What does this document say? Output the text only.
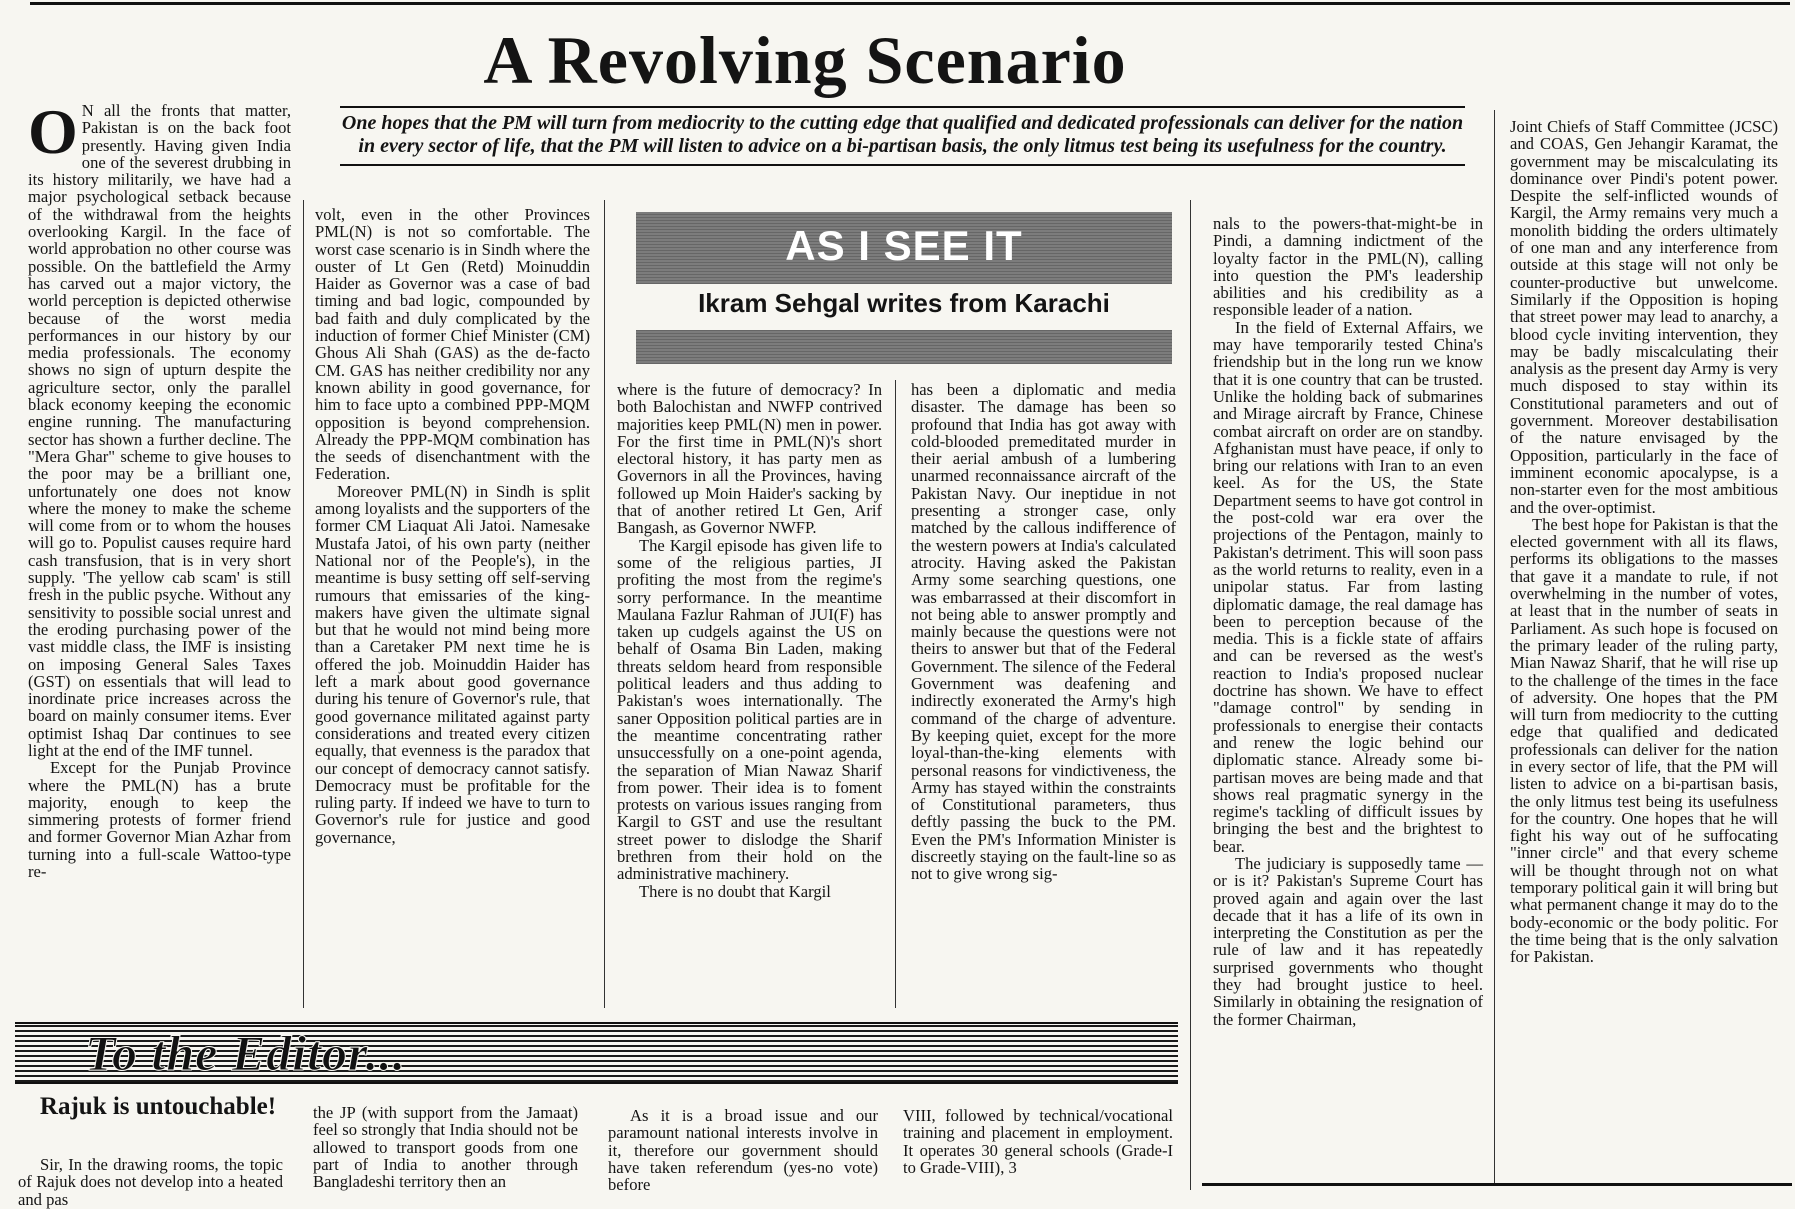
A Revolving Scenario
One hopes that the PM will turn from mediocrity to the cutting edge that qualified and dedicated professionals can deliver for the nation in every sector of life, that the PM will listen to advice on a bi-partisan basis, the only litmus test being its usefulness for the country.

O N all the fronts that matter, Pakistan is on the back foot presently. Having given India one of the severest drubbing in its history militarily, we have had a major psychological setback because of the withdrawal from the heights overlooking Kargil. In the face of world approbation no other course was possible. On the battlefield the Army has carved out a major victory, the world perception is depicted otherwise because of the worst media performances in our history by our media professionals. The economy shows no sign of upturn despite the agriculture sector, only the parallel black economy keeping the economic engine running. The manufacturing sector has shown a further decline. The "Mera Ghar" scheme to give houses to the poor may be a brilliant one, unfortunately one does not know where the money to make the scheme will come from or to whom the houses will go to. Populist causes require hard cash transfusion, that is in very short supply. 'The yellow cab scam' is still fresh in the public psyche. Without any sensitivity to possible social unrest and the eroding purchasing power of the vast middle class, the IMF is insisting on imposing General Sales Taxes (GST) on essentials that will lead to inordinate price increases across the board on mainly consumer items. Ever optimist Ishaq Dar continues to see light at the end of the IMF tunnel.

Except for the Punjab Province where the PML(N) has a brute majority, enough to keep the simmering protests of former friend and former Governor Mian Azhar from turning into a full-scale Wattoo-type re-

volt, even in the other Provinces PML(N) is not so comfortable. The worst case scenario is in Sindh where the ouster of Lt Gen (Retd) Moinuddin Haider as Governor was a case of bad timing and bad logic, compounded by bad faith and duly complicated by the induction of former Chief Minister (CM) Ghous Ali Shah (GAS) as the de-facto CM. GAS has neither credibility nor any known ability in good governance, for him to face upto a combined PPP-MQM opposition is beyond comprehension. Already the PPP-MQM combination has the seeds of disenchantment with the Federation.

Moreover PML(N) in Sindh is split among loyalists and the supporters of the former CM Liaquat Ali Jatoi. Namesake Mustafa Jatoi, of his own party (neither National nor of the People's), in the meantime is busy setting off self-serving rumours that emissaries of the king-makers have given the ultimate signal but that he would not mind being more than a Caretaker PM next time he is offered the job. Moinuddin Haider has left a mark about good governance during his tenure of Governor's rule, that good governance militated against party considerations and treated every citizen equally, that evenness is the paradox that our concept of democracy cannot satisfy. Democracy must be profitable for the ruling party. If indeed we have to turn to Governor's rule for justice and good governance,

AS I SEE IT
Ikram Sehgal writes from Karachi

where is the future of democracy? In both Balochistan and NWFP contrived majorities keep PML(N) men in power. For the first time in PML(N)'s short electoral history, it has party men as Governors in all the Provinces, having followed up Moin Haider's sacking by that of another retired Lt Gen, Arif Bangash, as Governor NWFP.

The Kargil episode has given life to some of the religious parties, JI profiting the most from the regime's sorry performance. In the meantime Maulana Fazlur Rahman of JUI(F) has taken up cudgels against the US on behalf of Osama Bin Laden, making threats seldom heard from responsible political leaders and thus adding to Pakistan's woes internationally. The saner Opposition political parties are in the meantime concentrating rather unsuccessfully on a one-point agenda, the separation of Mian Nawaz Sharif from power. Their idea is to foment protests on various issues ranging from Kargil to GST and use the resultant street power to dislodge the Sharif brethren from their hold on the administrative machinery.

There is no doubt that Kargil

has been a diplomatic and media disaster. The damage has been so profound that India has got away with cold-blooded premeditated murder in their aerial ambush of a lumbering unarmed reconnaissance aircraft of the Pakistan Navy. Our ineptidue in not presenting a stronger case, only matched by the callous indifference of the western powers at India's calculated atrocity. Having asked the Pakistan Army some searching questions, one was embarrassed at their discomfort in not being able to answer promptly and mainly because the questions were not theirs to answer but that of the Federal Government. The silence of the Federal Government was deafening and indirectly exonerated the Army's high command of the charge of adventure. By keeping quiet, except for the more loyal-than-the-king elements with personal reasons for vindictiveness, the Army has stayed within the constraints of Constitutional parameters, thus deftly passing the buck to the PM. Even the PM's Information Minister is discreetly staying on the fault-line so as not to give wrong sig-

nals to the powers-that-might-be in Pindi, a damning indictment of the loyalty factor in the PML(N), calling into question the PM's leadership abilities and his credibility as a responsible leader of a nation.

In the field of External Affairs, we may have temporarily tested China's friendship but in the long run we know that it is one country that can be trusted. Unlike the holding back of submarines and Mirage aircraft by France, Chinese combat aircraft on order are on standby. Afghanistan must have peace, if only to bring our relations with Iran to an even keel. As for the US, the State Department seems to have got control in the post-cold war era over the projections of the Pentagon, mainly to Pakistan's detriment. This will soon pass as the world returns to reality, even in a unipolar status. Far from lasting diplomatic damage, the real damage has been to perception because of the media. This is a fickle state of affairs and can be reversed as the west's reaction to India's proposed nuclear doctrine has shown. We have to effect "damage control" by sending in professionals to energise their contacts and renew the logic behind our diplomatic stance. Already some bi-partisan moves are being made and that shows real pragmatic synergy in the regime's tackling of difficult issues by bringing the best and the brightest to bear.

The judiciary is supposedly tame — or is it? Pakistan's Supreme Court has proved again and again over the last decade that it has a life of its own in interpreting the Constitution as per the rule of law and it has repeatedly surprised governments who thought they had brought justice to heel. Similarly in obtaining the resignation of the former Chairman,

Joint Chiefs of Staff Committee (JCSC) and COAS, Gen Jehangir Karamat, the government may be miscalculating its dominance over Pindi's potent power. Despite the self-inflicted wounds of Kargil, the Army remains very much a monolith bidding the orders ultimately of one man and any interference from outside at this stage will not only be counter-productive but unwelcome. Similarly if the Opposition is hoping that street power may lead to anarchy, a blood cycle inviting intervention, they may be badly miscalculating their analysis as the present day Army is very much disposed to stay within its Constitutional parameters and out of government. Moreover destabilisation of the nature envisaged by the Opposition, particularly in the face of imminent economic apocalypse, is a non-starter even for the most ambitious and the over-optimist.

The best hope for Pakistan is that the elected government with all its flaws, performs its obligations to the masses that gave it a mandate to rule, if not overwhelming in the number of votes, at least that in the number of seats in Parliament. As such hope is focused on the primary leader of the ruling party, Mian Nawaz Sharif, that he will rise up to the challenge of the times in the face of adversity. One hopes that the PM will turn from mediocrity to the cutting edge that qualified and dedicated professionals can deliver for the nation in every sector of life, that the PM will listen to advice on a bi-partisan basis, the only litmus test being its usefulness for the country. One hopes that he will fight his way out of he suffocating "inner circle" and that every scheme will be thought through not on what temporary political gain it will bring but what permanent change it may do to the body-economic or the body politic. For the time being that is the only salvation for Pakistan.

To the Editor...
Rajuk is untouchable!

Sir, In the drawing rooms, the topic of Rajuk does not develop into a heated and pas

the JP (with support from the Jamaat) feel so strongly that India should not be allowed to transport goods from one part of India to another through Bangladeshi territory then an

As it is a broad issue and our paramount national interests involve in it, therefore our government should have taken referendum (yes-no vote) before

VIII, followed by technical/vocational training and placement in employment. It operates 30 general schools (Grade-I to Grade-VIII), 3
